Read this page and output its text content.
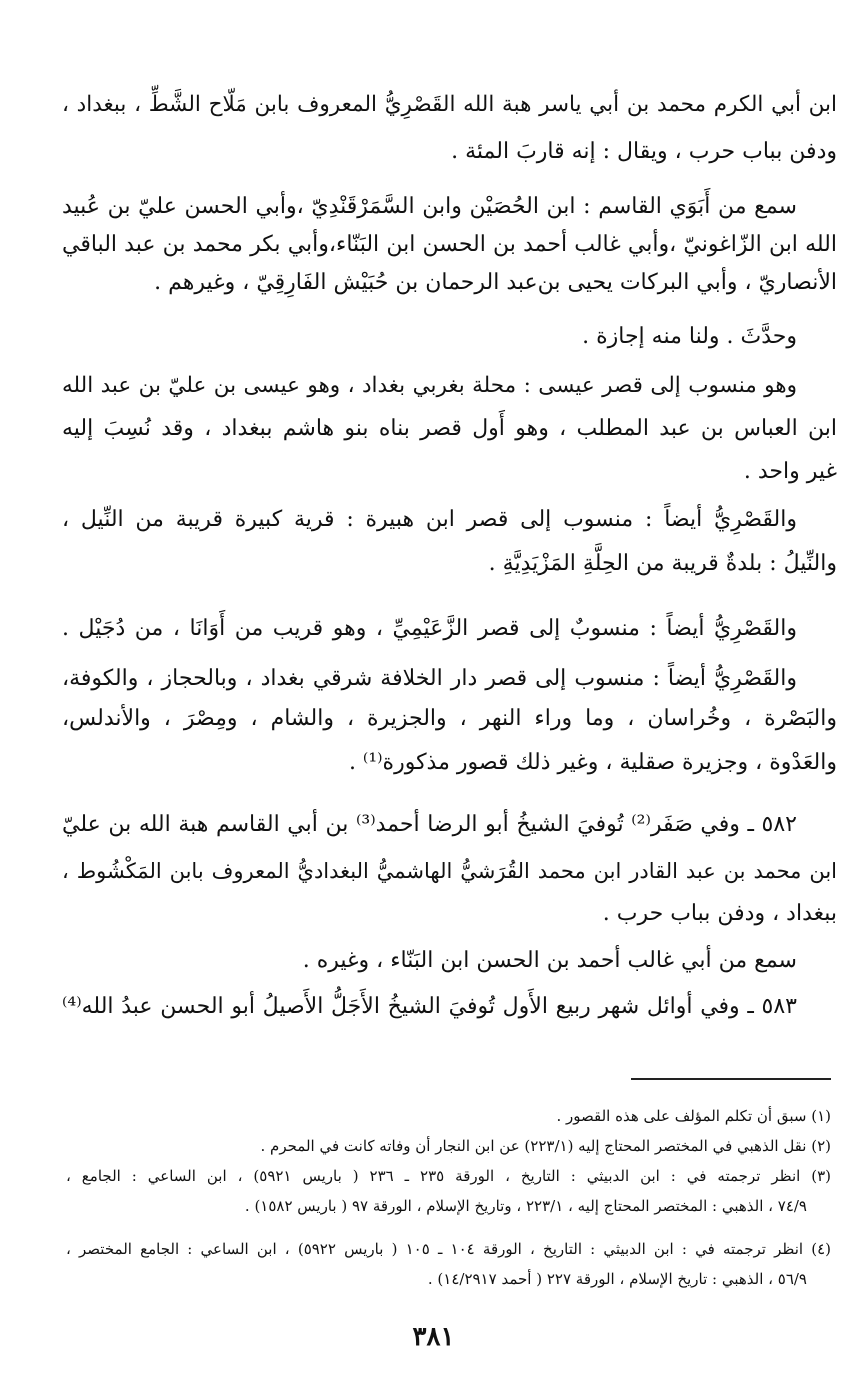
ابن أبي الكرم محمد بن أبي ياسر هبة الله القَصْرِيُّ المعروف بابن مَلّاح الشَّطِّ ، ببغداد ،
ودفن بباب حرب ، ويقال : إنه قاربَ المئة .
سمع من أَبَوَي القاسم : ابن الحُصَيْن وابن السَّمَرْقَنْدِيّ ،وأبي الحسن عليّ بن عُبيد
الله ابن الزّاغونيّ ،وأبي غالب أحمد بن الحسن ابن البَنّاء،وأبي بكر محمد بن عبد الباقي
الأنصاريّ ، وأبي البركات يحيى بن‌عبد الرحمان بن حُبَيْش الفَارِقِيّ ، وغيرهم .
وحدَّثَ . ولنا منه إجازة .
وهو منسوب إلى قصر عيسى : محلة بغربي بغداد ، وهو عيسى بن عليّ بن عبد الله
ابن العباس بن عبد المطلب ، وهو أَول قصر بناه بنو هاشم ببغداد ، وقد نُسِبَ إليه
غير واحد .
والقَصْرِيُّ أيضاً : منسوب إلى قصر ابن هبيرة : قرية كبيرة قريبة من النِّيل ،
والنِّيلُ : بلدةٌ قريبة من الحِلَّةِ المَزْيَدِيَّةِ .
والقَصْرِيُّ أيضاً : منسوبٌ إلى قصر الزَّعَيْمِيِّ ، وهو قريب من أَوَانَا ، من دُجَيْل .
والقَصْرِيُّ أيضاً : منسوب إلى قصر دار الخلافة شرقي بغداد ، وبالحجاز ، والكوفة،
والبَصْرة ، وخُراسان ، وما وراء النهر ، والجزيرة ، والشام ، ومِصْرَ ، والأندلس،
والعَدْوة ، وجزيرة صقلية ، وغير ذلك قصور مذكورة⁽¹⁾ .
٥٨٢ ـ وفي صَفَر⁽²⁾ تُوفيَ الشيخُ أبو الرضا أحمد⁽³⁾ بن أبي القاسم هبة الله بن عليّ
ابن محمد بن عبد القادر ابن محمد القُرَشيُّ الهاشميُّ البغداديُّ المعروف بابن المَكْشُوط ،
ببغداد ، ودفن بباب حرب .
سمع من أبي غالب أحمد بن الحسن ابن البَنّاء ، وغيره .
٥٨٣ ـ وفي أوائل شهر ربيع الأَول تُوفيَ الشيخُ الأَجَلُّ الأَصيلُ أبو الحسن عبدُ الله⁽⁴⁾
(١) سبق أن تكلم المؤلف على هذه القصور .
(٢) نقل الذهبي في المختصر المحتاج إليه (٢٢٣/١) عن ابن النجار أن وفاته كانت في المحرم .
(٣) انظر ترجمته في : ابن الدبيثي : التاريخ ، الورقة ٢٣٥ ـ ٢٣٦ ( باريس ٥٩٢١) ، ابن الساعي : الجامع ،
٧٤/٩ ، الذهبي : المختصر المحتاج إليه ، ٢٢٣/١ ، وتاريخ الإسلام ، الورقة ٩٧ ( باريس ١٥٨٢) .
(٤) انظر ترجمته في : ابن الدبيثي : التاريخ ، الورقة ١٠٤ ـ ١٠٥ ( باريس ٥٩٢٢) ، ابن الساعي : الجامع المختصر ،
٥٦/٩ ، الذهبي : تاريخ الإسلام ، الورقة ٢٢٧ ( أحمد ١٤/٢٩١٧) .
٣٨١
